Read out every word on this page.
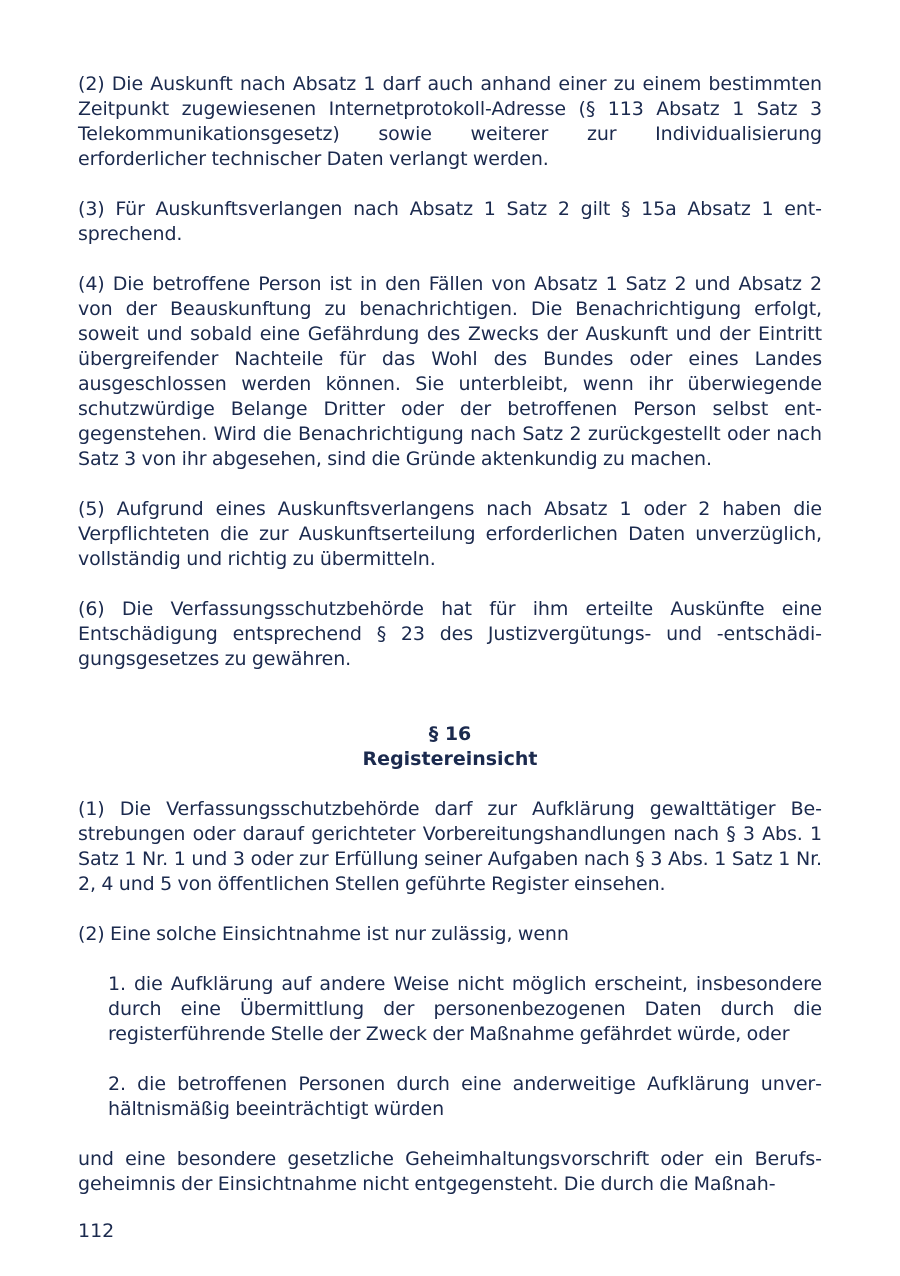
(2) Die Auskunft nach Absatz 1 darf auch anhand einer zu einem bestimmten Zeitpunkt zugewiesenen Internetprotokoll-Adresse (§ 113 Absatz 1 Satz 3 Telekommunikationsgesetz) sowie weiterer zur Individualisierung erforderlicher technischer Daten verlangt werden.

(3) Für Auskunftsverlangen nach Absatz 1 Satz 2 gilt § 15a Absatz 1 entsprechend.

(4) Die betroffene Person ist in den Fällen von Absatz 1 Satz 2 und Absatz 2 von der Beauskunftung zu benachrichtigen. Die Benachrichtigung erfolgt, soweit und sobald eine Gefährdung des Zwecks der Auskunft und der Eintritt übergreifender Nachteile für das Wohl des Bundes oder eines Landes ausgeschlossen werden können. Sie unterbleibt, wenn ihr überwiegende schutzwürdige Belange Dritter oder der betroffenen Person selbst entgegenstehen. Wird die Benachrichtigung nach Satz 2 zurückgestellt oder nach Satz 3 von ihr abgesehen, sind die Gründe aktenkundig zu machen.

(5) Aufgrund eines Auskunftsverlangens nach Absatz 1 oder 2 haben die Verpflichteten die zur Auskunftserteilung erforderlichen Daten unverzüglich, vollständig und richtig zu übermitteln.

(6) Die Verfassungsschutzbehörde hat für ihm erteilte Auskünfte eine Entschädigung entsprechend § 23 des Justizvergütungs- und -entschädigungsgesetzes zu gewähren.

§ 16
Registereinsicht

(1) Die Verfassungsschutzbehörde darf zur Aufklärung gewalttätiger Bestrebungen oder darauf gerichteter Vorbereitungshandlungen nach § 3 Abs. 1 Satz 1 Nr. 1 und 3 oder zur Erfüllung seiner Aufgaben nach § 3 Abs. 1 Satz 1 Nr. 2, 4 und 5 von öffentlichen Stellen geführte Register einsehen.

(2) Eine solche Einsichtnahme ist nur zulässig, wenn

1. die Aufklärung auf andere Weise nicht möglich erscheint, insbesondere durch eine Übermittlung der personenbezogenen Daten durch die registerführende Stelle der Zweck der Maßnahme gefährdet würde, oder

2. die betroffenen Personen durch eine anderweitige Aufklärung unverhältnismäßig beeinträchtigt würden

und eine besondere gesetzliche Geheimhaltungsvorschrift oder ein Berufsgeheimnis der Einsichtnahme nicht entgegensteht. Die durch die Maßnah-

112
